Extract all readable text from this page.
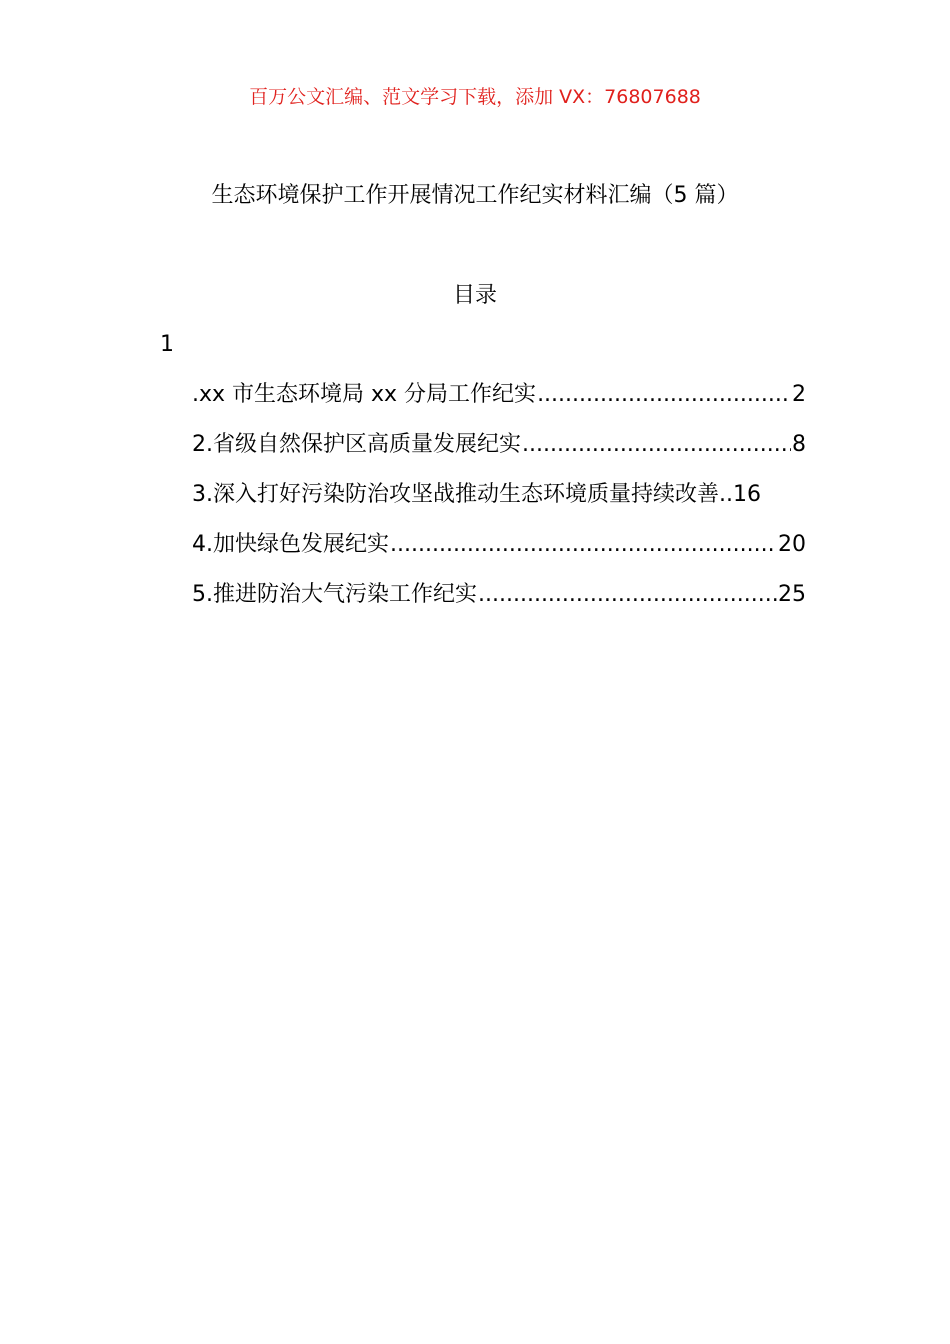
百万公文汇编、范文学习下载，添加 VX：76807688
生态环境保护工作开展情况工作纪实材料汇编（5 篇）
目录
1
.xx 市生态环境局 xx 分局工作纪实 .....	2
2.省级自然保护区高质量发展纪实 .....	8
3.深入打好污染防治攻坚战推动生态环境质量持续改善. .16
4.加快绿色发展纪实 .....	20
5.推进防治大气污染工作纪实 .....	25
